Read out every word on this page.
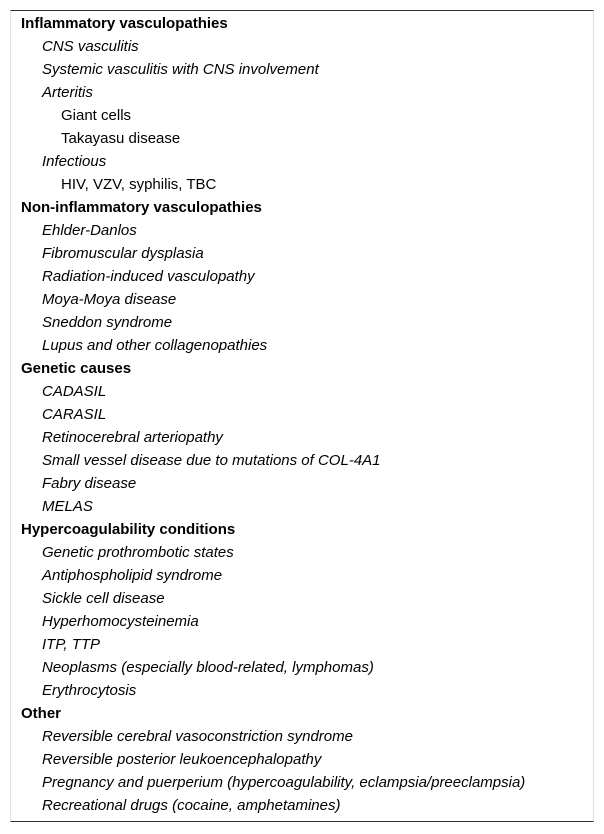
Inflammatory vasculopathies
CNS vasculitis
Systemic vasculitis with CNS involvement
Arteritis
Giant cells
Takayasu disease
Infectious
HIV, VZV, syphilis, TBC
Non-inflammatory vasculopathies
Ehlder-Danlos
Fibromuscular dysplasia
Radiation-induced vasculopathy
Moya-Moya disease
Sneddon syndrome
Lupus and other collagenopathies
Genetic causes
CADASIL
CARASIL
Retinocerebral arteriopathy
Small vessel disease due to mutations of COL-4A1
Fabry disease
MELAS
Hypercoagulability conditions
Genetic prothrombotic states
Antiphospholipid syndrome
Sickle cell disease
Hyperhomocysteinemia
ITP, TTP
Neoplasms (especially blood-related, lymphomas)
Erythrocytosis
Other
Reversible cerebral vasoconstriction syndrome
Reversible posterior leukoencephalopathy
Pregnancy and puerperium (hypercoagulability, eclampsia/preeclampsia)
Recreational drugs (cocaine, amphetamines)
